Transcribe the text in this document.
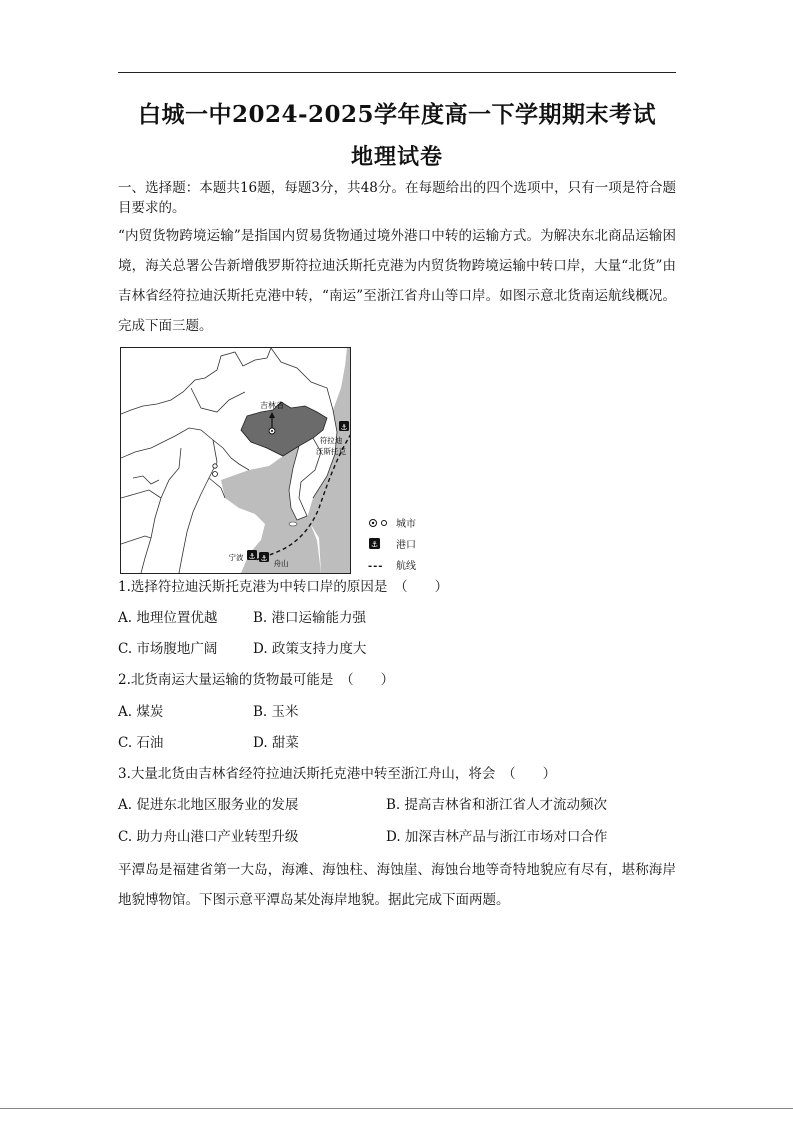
白城一中2024-2025学年度高一下学期期末考试
地理试卷
一、选择题：本题共16题，每题3分，共48分。在每题给出的四个选项中，只有一项是符合题目要求的。
“内贸货物跨境运输”是指国内贸易货物通过境外港口中转的运输方式。为解决东北商品运输困境，海关总署公告新增俄罗斯符拉迪沃斯托克港为内贸货物跨境运输中转口岸，大量“北货”由吉林省经符拉迪沃斯托克港中转，“南运”至浙江省舟山等口岸。如图示意北货南运航线概况。完成下面三题。
⚓
⚓ ⚓
吉林省
符拉迪
沃斯托克
宁波
舟山
城市
⚓ 港口
---	航线
1.选择符拉迪沃斯托克港为中转口岸的原因是　（　　）
A. 地理位置优越	B. 港口运输能力强
C. 市场腹地广阔	D. 政策支持力度大
2.北货南运大量运输的货物最可能是　（　　）
A. 煤炭	B. 玉米
C. 石油	D. 甜菜
3.大量北货由吉林省经符拉迪沃斯托克港中转至浙江舟山，将会　（　　）
A. 促进东北地区服务业的发展	B. 提高吉林省和浙江省人才流动频次
C. 助力舟山港口产业转型升级	D. 加深吉林产品与浙江市场对口合作
平潭岛是福建省第一大岛，海滩、海蚀柱、海蚀崖、海蚀台地等奇特地貌应有尽有，堪称海岸地貌博物馆。下图示意平潭岛某处海岸地貌。据此完成下面两题。
